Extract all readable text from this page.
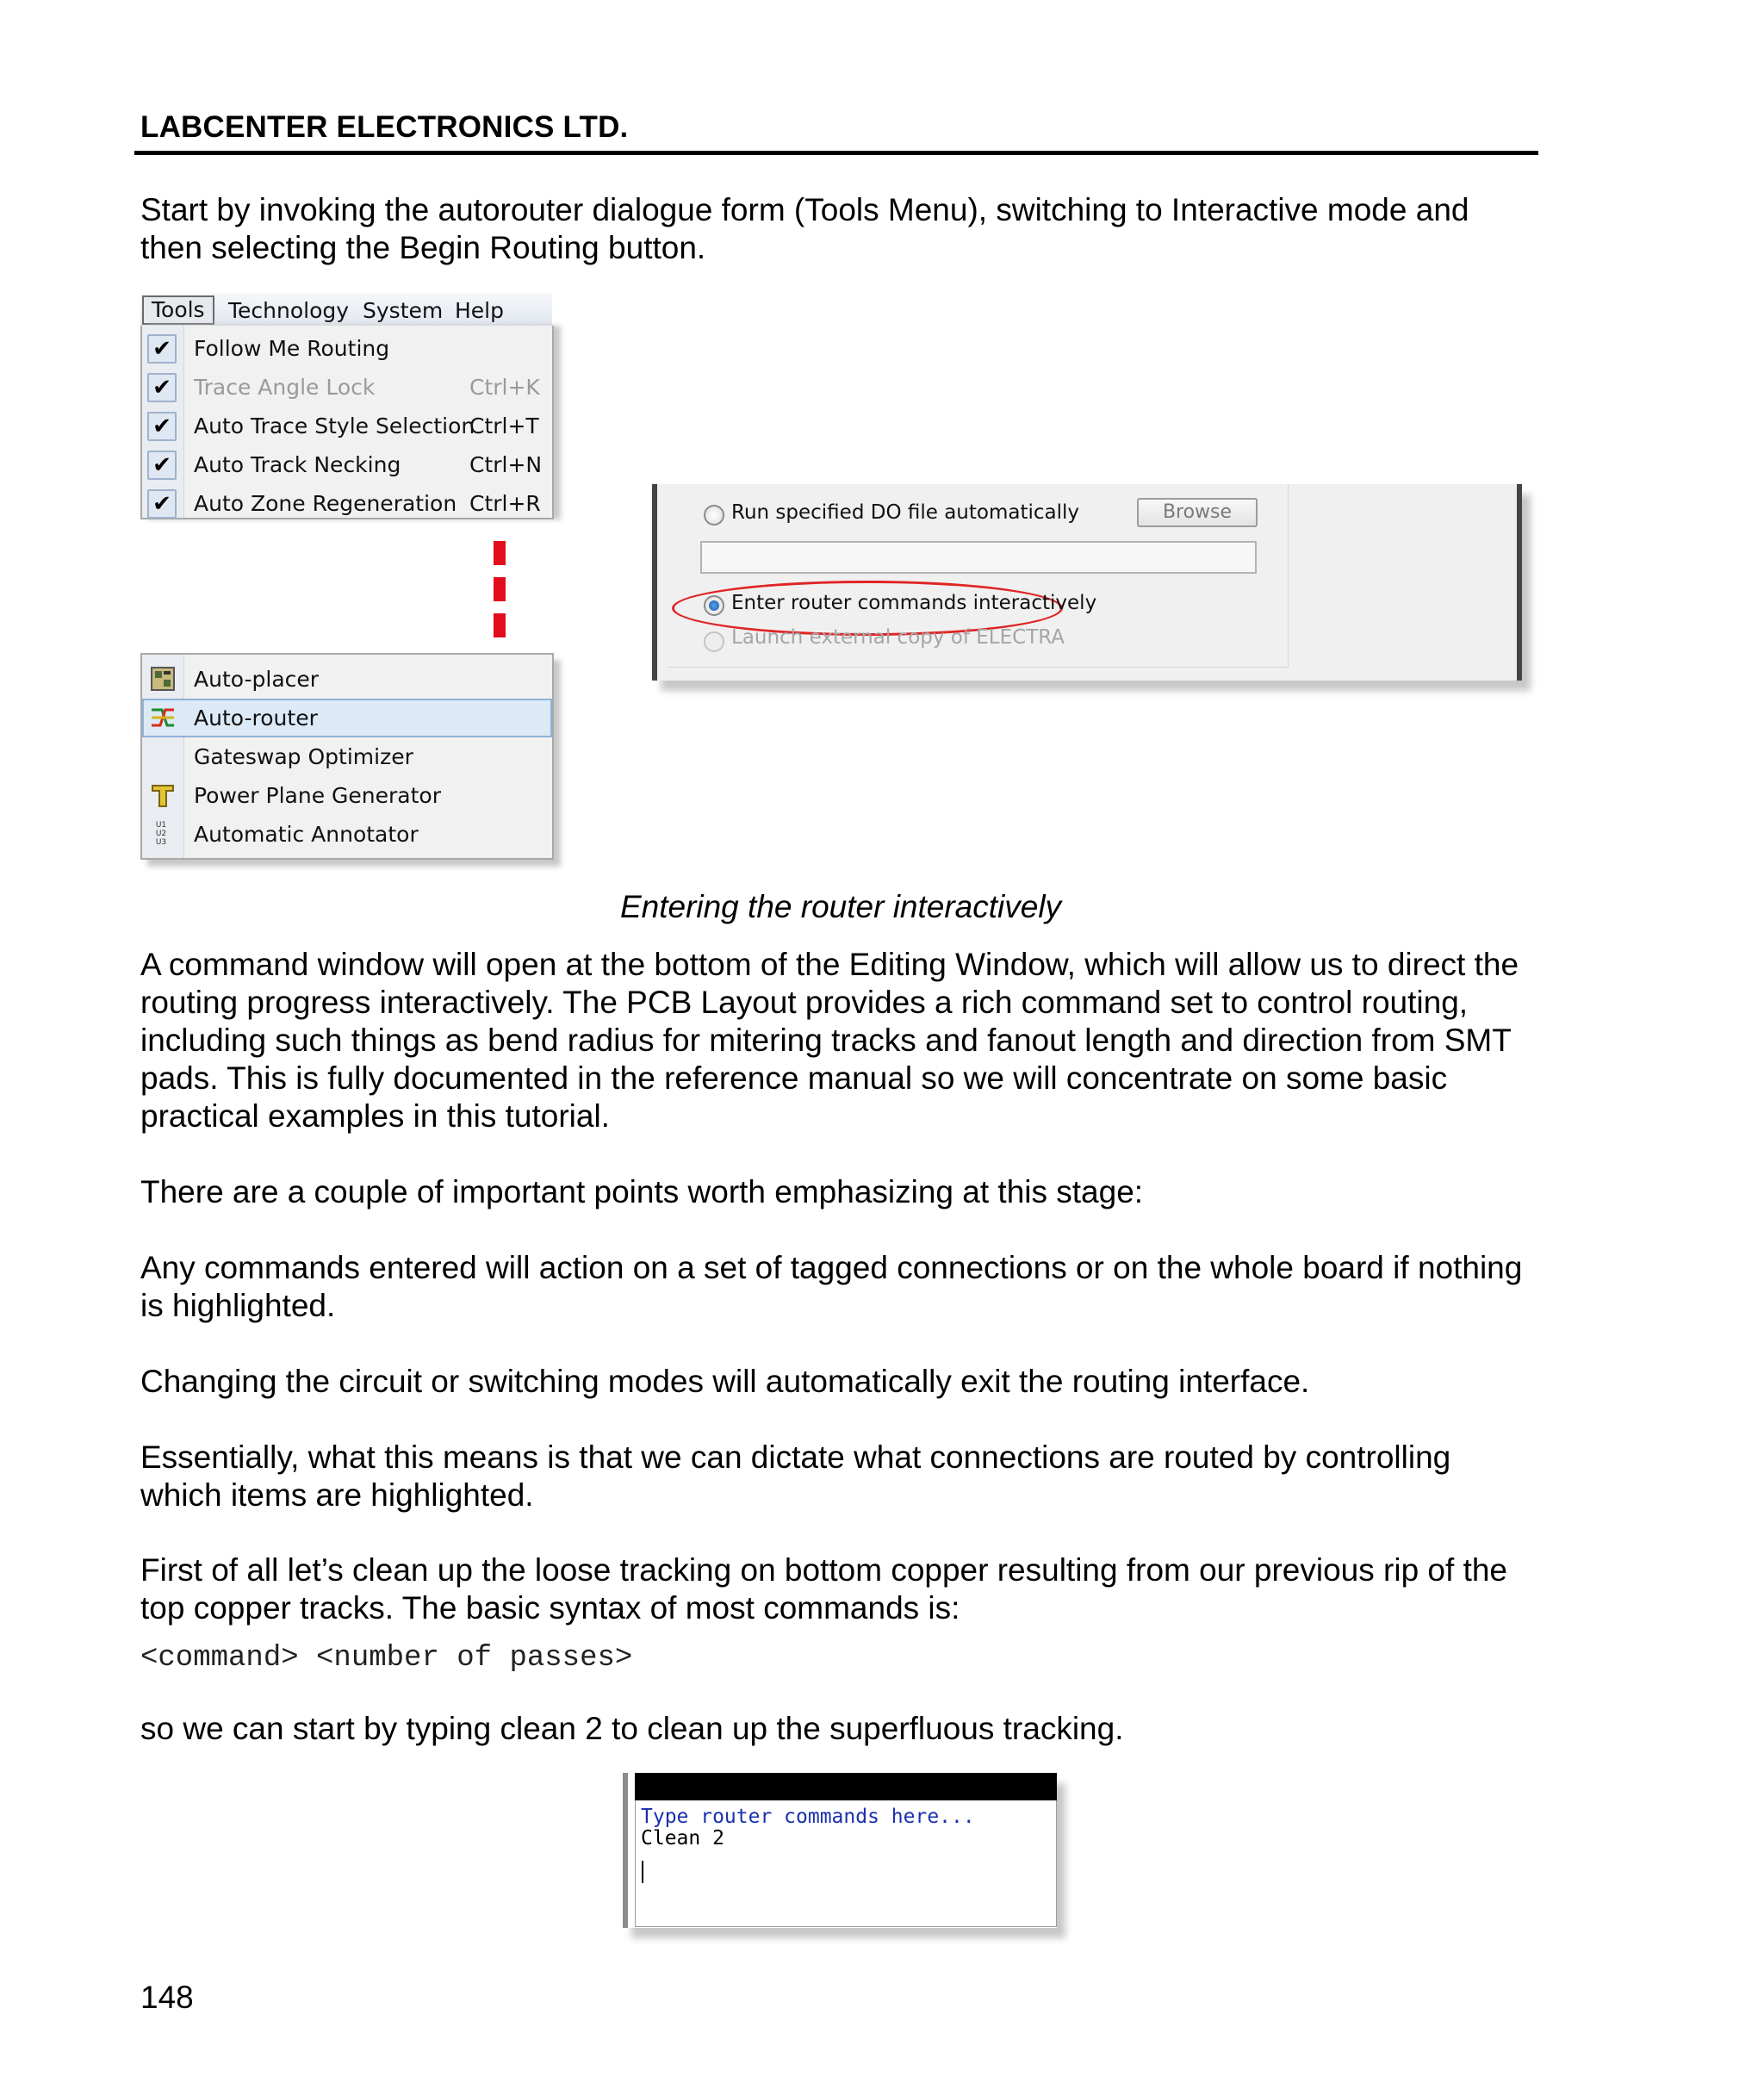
LABCENTER ELECTRONICS LTD.

Start by invoking the autorouter dialogue form (Tools Menu), switching to Interactive mode and then selecting the Begin Routing button.

Tools	Technology System Help
✔ Follow Me Routing
✔ Trace Angle Lock	Ctrl+K
✔ Auto Trace Style Selection
Ctrl+T
✔ Auto Track Necking	Ctrl+N
✔ Auto Zone Regeneration Ctrl+R
Auto-placer
Auto-router
Gateswap Optimizer
Power Plane Generator
U1U2U3 Automatic Annotator
Run specified DO file automatically	Browse
Enter router commands interactively
Launch external copy of ELECTRA
Entering the router interactively

A command window will open at the bottom of the Editing Window, which will allow us to direct the routing progress interactively. The PCB Layout provides a rich command set to control routing, including such things as bend radius for mitering tracks and fanout length and direction from SMT pads. This is fully documented in the reference manual so we will concentrate on some basic practical examples in this tutorial.

There are a couple of important points worth emphasizing at this stage:

Any commands entered will action on a set of tagged connections or on the whole board if nothing is highlighted.

Changing the circuit or switching modes will automatically exit the routing interface.

Essentially, what this means is that we can dictate what connections are routed by controlling which items are highlighted.

First of all let’s clean up the loose tracking on bottom copper resulting from our previous rip of the top copper tracks. The basic syntax of most commands is:

<command> <number of passes>

so we can start by typing clean 2 to clean up the superfluous tracking.

Type router commands here...
Clean 2
148
